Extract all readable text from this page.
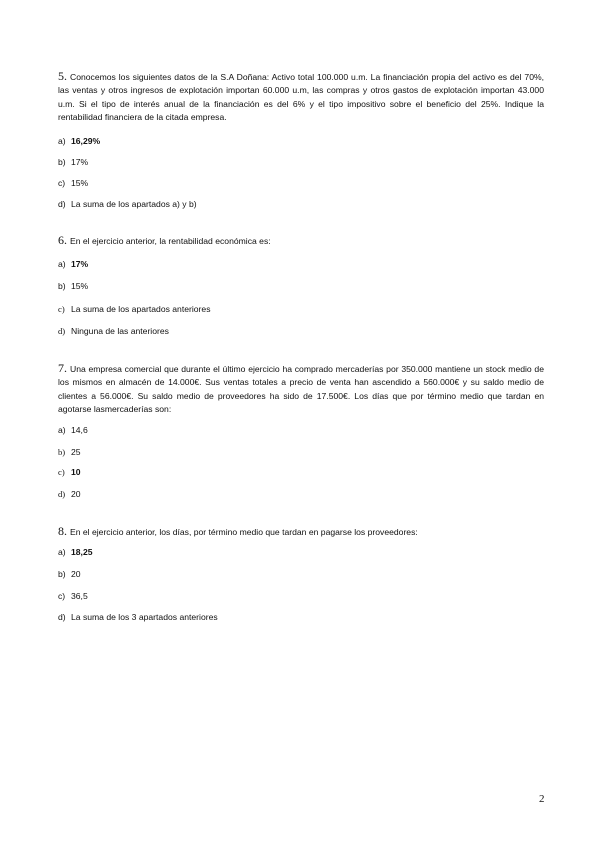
5. Conocemos los siguientes datos de la S.A Doñana: Activo total 100.000 u.m. La financiación propia del activo es del 70%, las ventas y otros ingresos de explotación importan 60.000 u.m, las compras y otros gastos de explotación importan 43.000 u.m. Si el tipo de interés anual de la financiación es del 6% y el tipo impositivo sobre el beneficio del 25%. Indique la rentabilidad financiera de la citada empresa.

a) 16,29%

b) 17%

c) 15%

d) La suma de los apartados a) y b)

6. En el ejercicio anterior, la rentabilidad económica es:

a) 17%

b) 15%

c) La suma de los apartados anteriores

d) Ninguna de las anteriores

7. Una empresa comercial que durante el último ejercicio ha comprado mercaderías por 350.000 mantiene un stock medio de los mismos en almacén de 14.000€. Sus ventas totales a precio de venta han ascendido a 560.000€ y su saldo medio de clientes a 56.000€. Su saldo medio de proveedores ha sido de 17.500€. Los días que por término medio que tardan en agotarse lasmercaderías son:

a) 14,6

b) 25

c) 10

d) 20

8. En el ejercicio anterior, los días, por término medio que tardan en pagarse los proveedores:

a) 18,25

b) 20

c) 36,5

d) La suma de los 3 apartados anteriores

2
